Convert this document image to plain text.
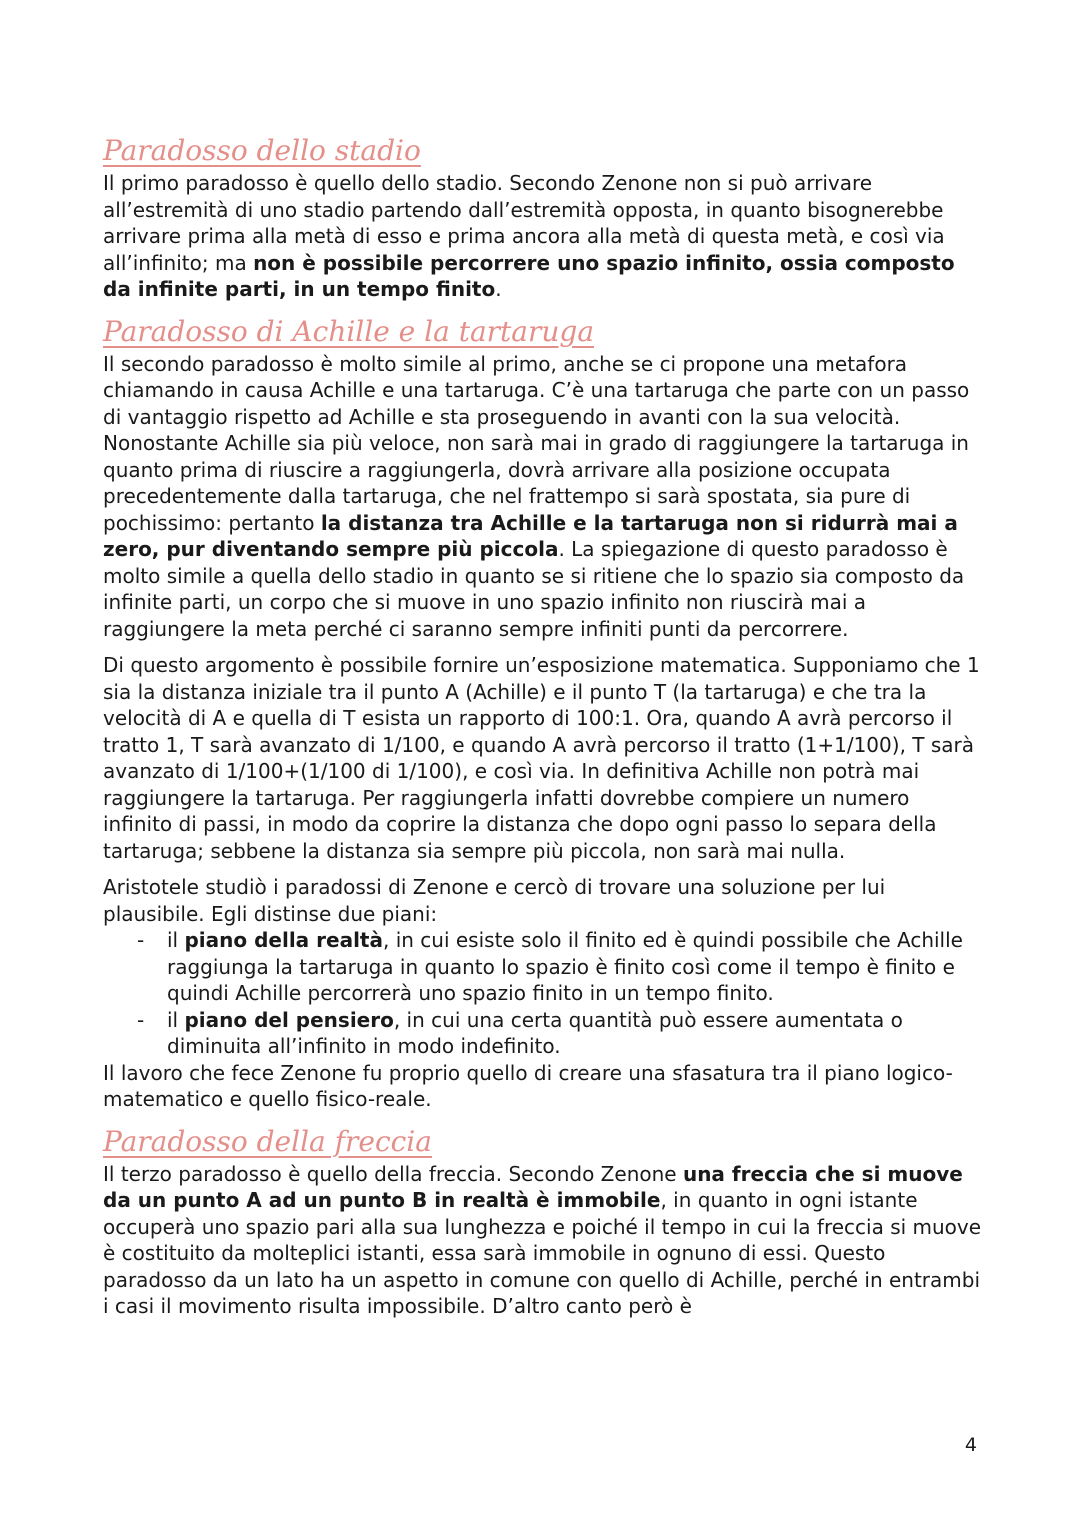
Paradosso dello stadio

Il primo paradosso è quello dello stadio. Secondo Zenone non si può arrivare all’estremità di uno stadio partendo dall’estremità opposta, in quanto bisognerebbe arrivare prima alla metà di esso e prima ancora alla metà di questa metà, e così via all’infinito; ma non è possibile percorrere uno spazio infinito, ossia composto da infinite parti, in un tempo finito.

Paradosso di Achille e la tartaruga

Il secondo paradosso è molto simile al primo, anche se ci propone una metafora chiamando in causa Achille e una tartaruga. C’è una tartaruga che parte con un passo di vantaggio rispetto ad Achille e sta proseguendo in avanti con la sua velocità. Nonostante Achille sia più veloce, non sarà mai in grado di raggiungere la tartaruga in quanto prima di riuscire a raggiungerla, dovrà arrivare alla posizione occupata precedentemente dalla tartaruga, che nel frattempo si sarà spostata, sia pure di pochissimo: pertanto la distanza tra Achille e la tartaruga non si ridurrà mai a zero, pur diventando sempre più piccola. La spiegazione di questo paradosso è molto simile a quella dello stadio in quanto se si ritiene che lo spazio sia composto da infinite parti, un corpo che si muove in uno spazio infinito non riuscirà mai a raggiungere la meta perché ci saranno sempre infiniti punti da percorrere.

Di questo argomento è possibile fornire un’esposizione matematica. Supponiamo che 1 sia la distanza iniziale tra il punto A (Achille) e il punto T (la tartaruga) e che tra la velocità di A e quella di T esista un rapporto di 100:1. Ora, quando A avrà percorso il tratto 1, T sarà avanzato di 1/100, e quando A avrà percorso il tratto (1+1/100), T sarà avanzato di 1/100+(1/100 di 1/100), e così via. In definitiva Achille non potrà mai raggiungere la tartaruga. Per raggiungerla infatti dovrebbe compiere un numero infinito di passi, in modo da coprire la distanza che dopo ogni passo lo separa della tartaruga; sebbene la distanza sia sempre più piccola, non sarà mai nulla.

Aristotele studiò i paradossi di Zenone e cercò di trovare una soluzione per lui plausibile. Egli distinse due piani:

- il piano della realtà, in cui esiste solo il finito ed è quindi possibile che Achille raggiunga la tartaruga in quanto lo spazio è finito così come il tempo è finito e quindi Achille percorrerà uno spazio finito in un tempo finito.
- il piano del pensiero, in cui una certa quantità può essere aumentata o diminuita all’infinito in modo indefinito.

Il lavoro che fece Zenone fu proprio quello di creare una sfasatura tra il piano logico-matematico e quello fisico-reale.

Paradosso della freccia

Il terzo paradosso è quello della freccia. Secondo Zenone una freccia che si muove da un punto A ad un punto B in realtà è immobile, in quanto in ogni istante occuperà uno spazio pari alla sua lunghezza e poiché il tempo in cui la freccia si muove è costituito da molteplici istanti, essa sarà immobile in ognuno di essi. Questo paradosso da un lato ha un aspetto in comune con quello di Achille, perché in entrambi i casi il movimento risulta impossibile. D’altro canto però è

4
